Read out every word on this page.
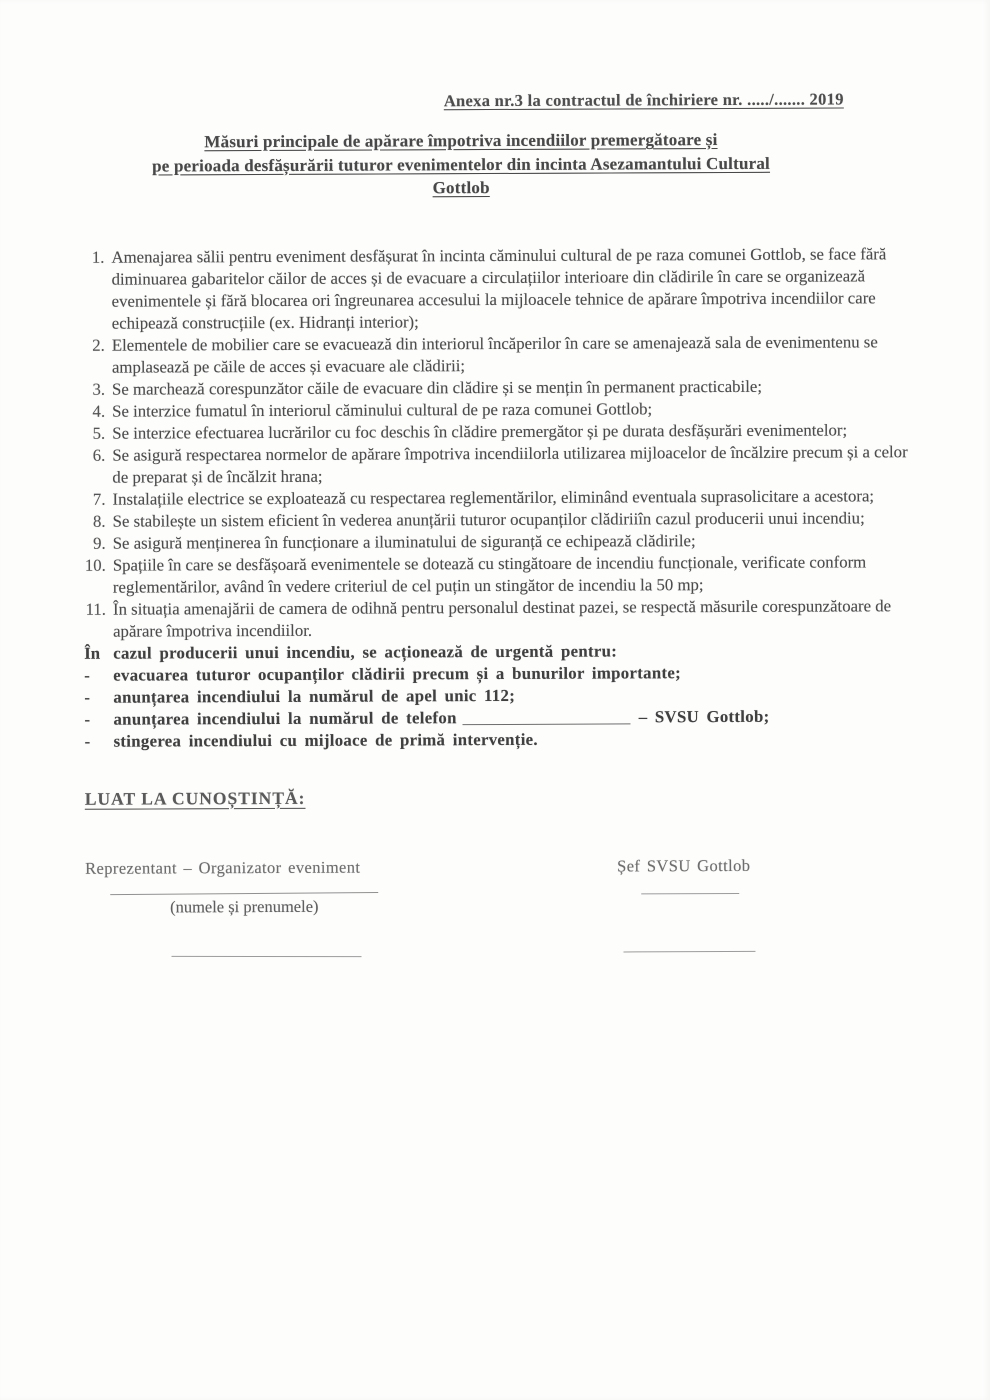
Anexa nr.3 la contractul de închiriere nr. ...../....... 2019
Măsuri principale de apărare împotriva incendiilor premergătoare și
pe perioada desfășurării tuturor evenimentelor din incinta Asezamantului Cultural
Gottlob
1. Amenajarea sălii pentru eveniment desfășurat în incinta căminului cultural de pe raza comunei Gottlob, se face fără diminuarea gabaritelor căilor de acces și de evacuare a circulațiilor interioare din clădirile în care se organizează evenimentele și fără blocarea ori îngreunarea accesului la mijloacele tehnice de apărare împotriva incendiilor care echipează construcțiile (ex. Hidranți interior);
2. Elementele de mobilier care se evacuează din interiorul încăperilor în care se amenajează sala de evenimentenu se amplasează pe căile de acces și evacuare ale clădirii;
3. Se marchează corespunzător căile de evacuare din clădire și se mențin în permanent practicabile;
4. Se interzice fumatul în interiorul căminului cultural de pe raza comunei Gottlob;
5. Se interzice efectuarea lucrărilor cu foc deschis în clădire premergător și pe durata desfășurări evenimentelor;
6. Se asigură respectarea normelor de apărare împotriva incendiilorla utilizarea mijloacelor de încălzire precum și a celor de preparat și de încălzit hrana;
7. Instalațiile electrice se exploatează cu respectarea reglementărilor, eliminând eventuala suprasolicitare a acestora;
8. Se stabilește un sistem eficient în vederea anunțării tuturor ocupanților clădiriiîn cazul producerii unui incendiu;
9. Se asigură menținerea în funcționare a iluminatului de siguranță ce echipează clădirile;
10. Spațiile în care se desfășoară evenimentele se dotează cu stingătoare de incendiu funcționale, verificate conform reglementărilor, având în vedere criteriul de cel puțin un stingător de incendiu la 50 mp;
11. În situația amenajării de camera de odihnă pentru personalul destinat pazei, se respectă măsurile corespunzătoare de apărare împotriva incendiilor.
În cazul producerii unui incendiu, se acționează de urgentă pentru:
-	evacuarea tuturor ocupanților clădirii precum și a bunurilor importante;
-	anunțarea incendiului la numărul de apel unic 112;
-	anunțarea incendiului la numărul de telefon	– SVSU Gottlob;
-	stingerea incendiului cu mijloace de primă intervenție.
LUAT LA CUNOȘTINȚĂ:
Reprezentant – Organizator eveniment
(numele și prenumele)
Șef SVSU Gottlob
